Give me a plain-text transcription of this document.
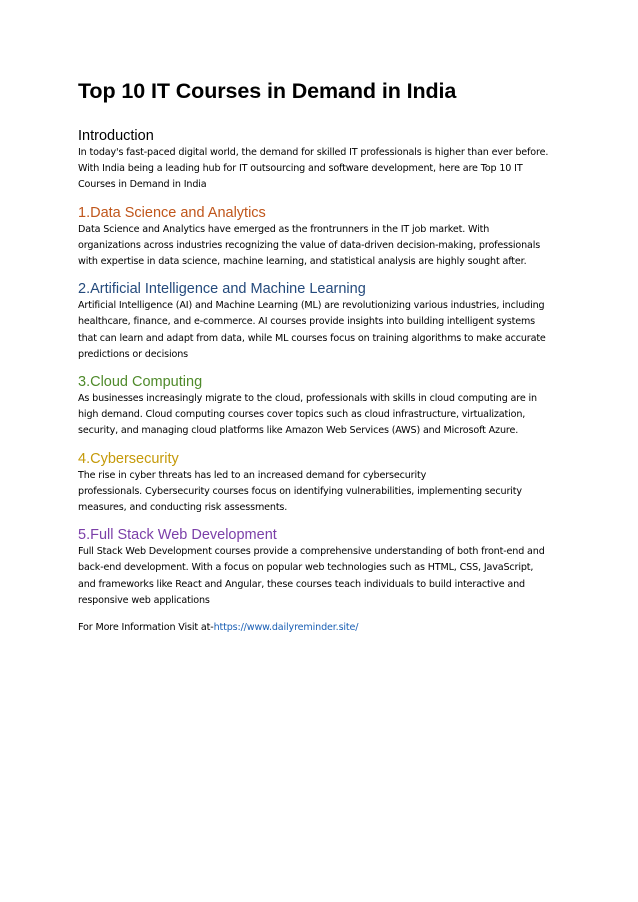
Top 10 IT Courses in Demand in India
Introduction
In today's fast-paced digital world, the demand for skilled IT professionals is higher than ever before.
With India being a leading hub for IT outsourcing and software development, here are Top 10 IT
Courses in Demand in India
1.Data Science and Analytics
Data Science and Analytics have emerged as the frontrunners in the IT job market. With
organizations across industries recognizing the value of data-driven decision-making, professionals
with expertise in data science, machine learning, and statistical analysis are highly sought after.
2.Artificial Intelligence and Machine Learning
Artificial Intelligence (AI) and Machine Learning (ML) are revolutionizing various industries, including
healthcare, finance, and e-commerce. AI courses provide insights into building intelligent systems
that can learn and adapt from data, while ML courses focus on training algorithms to make accurate
predictions or decisions
3.Cloud Computing
As businesses increasingly migrate to the cloud, professionals with skills in cloud computing are in
high demand. Cloud computing courses cover topics such as cloud infrastructure, virtualization,
security, and managing cloud platforms like Amazon Web Services (AWS) and Microsoft Azure.
4.Cybersecurity
The rise in cyber threats has led to an increased demand for cybersecurity
professionals. Cybersecurity courses focus on identifying vulnerabilities, implementing security
measures, and conducting risk assessments.
5.Full Stack Web Development
Full Stack Web Development courses provide a comprehensive understanding of both front-end and
back-end development. With a focus on popular web technologies such as HTML, CSS, JavaScript,
and frameworks like React and Angular, these courses teach individuals to build interactive and
responsive web applications
For More Information Visit at-https://www.dailyreminder.site/
